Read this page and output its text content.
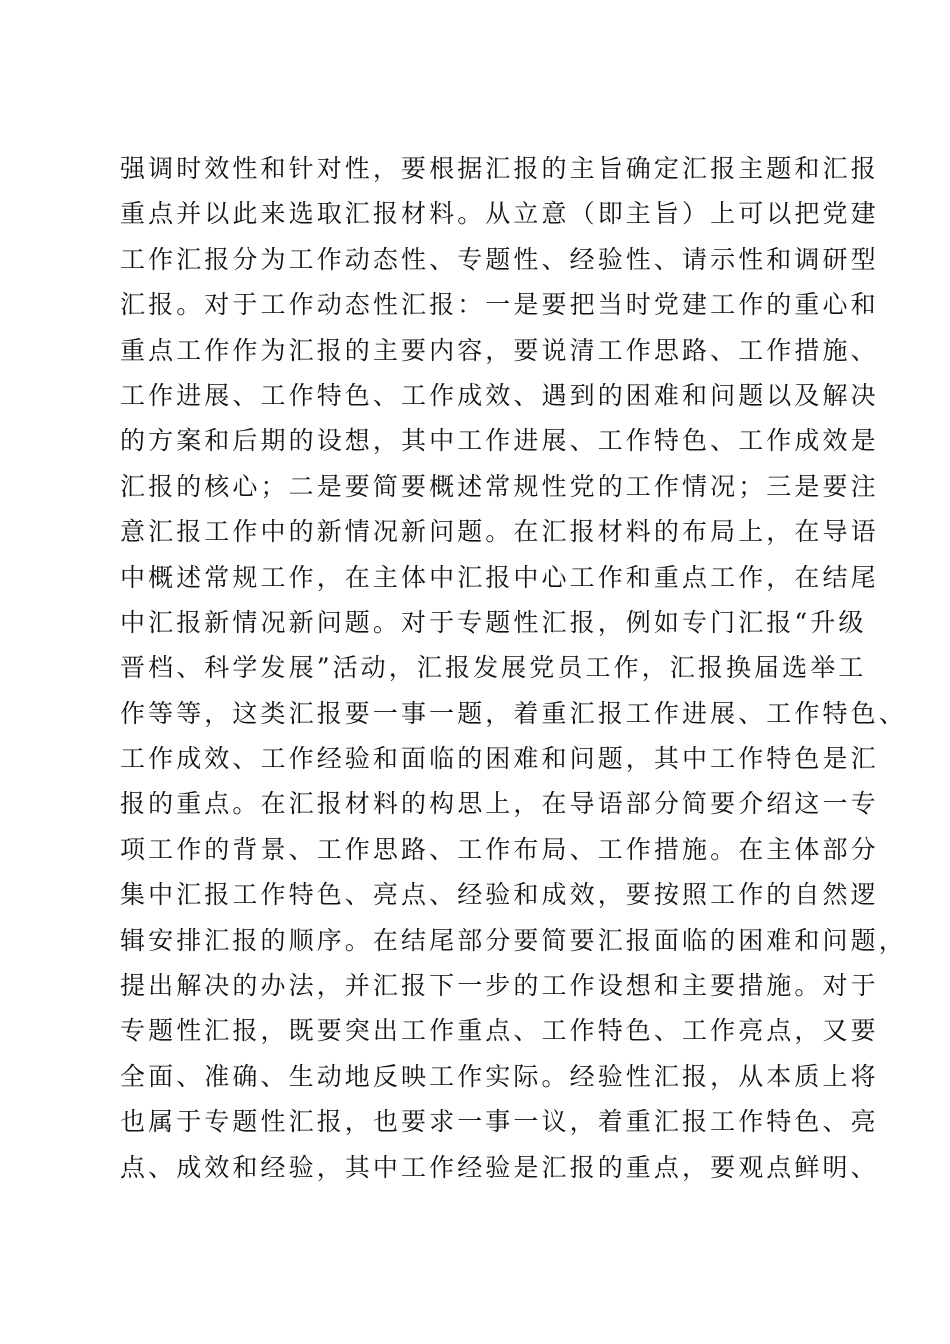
强调时效性和针对性，要根据汇报的主旨确定汇报主题和汇报
重点并以此来选取汇报材料。从立意（即主旨）上可以把党建
工作汇报分为工作动态性、专题性、经验性、请示性和调研型
汇报。对于工作动态性汇报：一是要把当时党建工作的重心和
重点工作作为汇报的主要内容，要说清工作思路、工作措施、
工作进展、工作特色、工作成效、遇到的困难和问题以及解决
的方案和后期的设想，其中工作进展、工作特色、工作成效是
汇报的核心；二是要简要概述常规性党的工作情况；三是要注
意汇报工作中的新情况新问题。在汇报材料的布局上，在导语
中概述常规工作，在主体中汇报中心工作和重点工作，在结尾
中汇报新情况新问题。对于专题性汇报，例如专门汇报“升级
晋档、科学发展”活动，汇报发展党员工作，汇报换届选举工
作等等，这类汇报要一事一题，着重汇报工作进展、工作特色、
工作成效、工作经验和面临的困难和问题，其中工作特色是汇
报的重点。在汇报材料的构思上，在导语部分简要介绍这一专
项工作的背景、工作思路、工作布局、工作措施。在主体部分
集中汇报工作特色、亮点、经验和成效，要按照工作的自然逻
辑安排汇报的顺序。在结尾部分要简要汇报面临的困难和问题，
提出解决的办法，并汇报下一步的工作设想和主要措施。对于
专题性汇报，既要突出工作重点、工作特色、工作亮点，又要
全面、准确、生动地反映工作实际。经验性汇报，从本质上将
也属于专题性汇报，也要求一事一议，着重汇报工作特色、亮
点、成效和经验，其中工作经验是汇报的重点，要观点鲜明、
